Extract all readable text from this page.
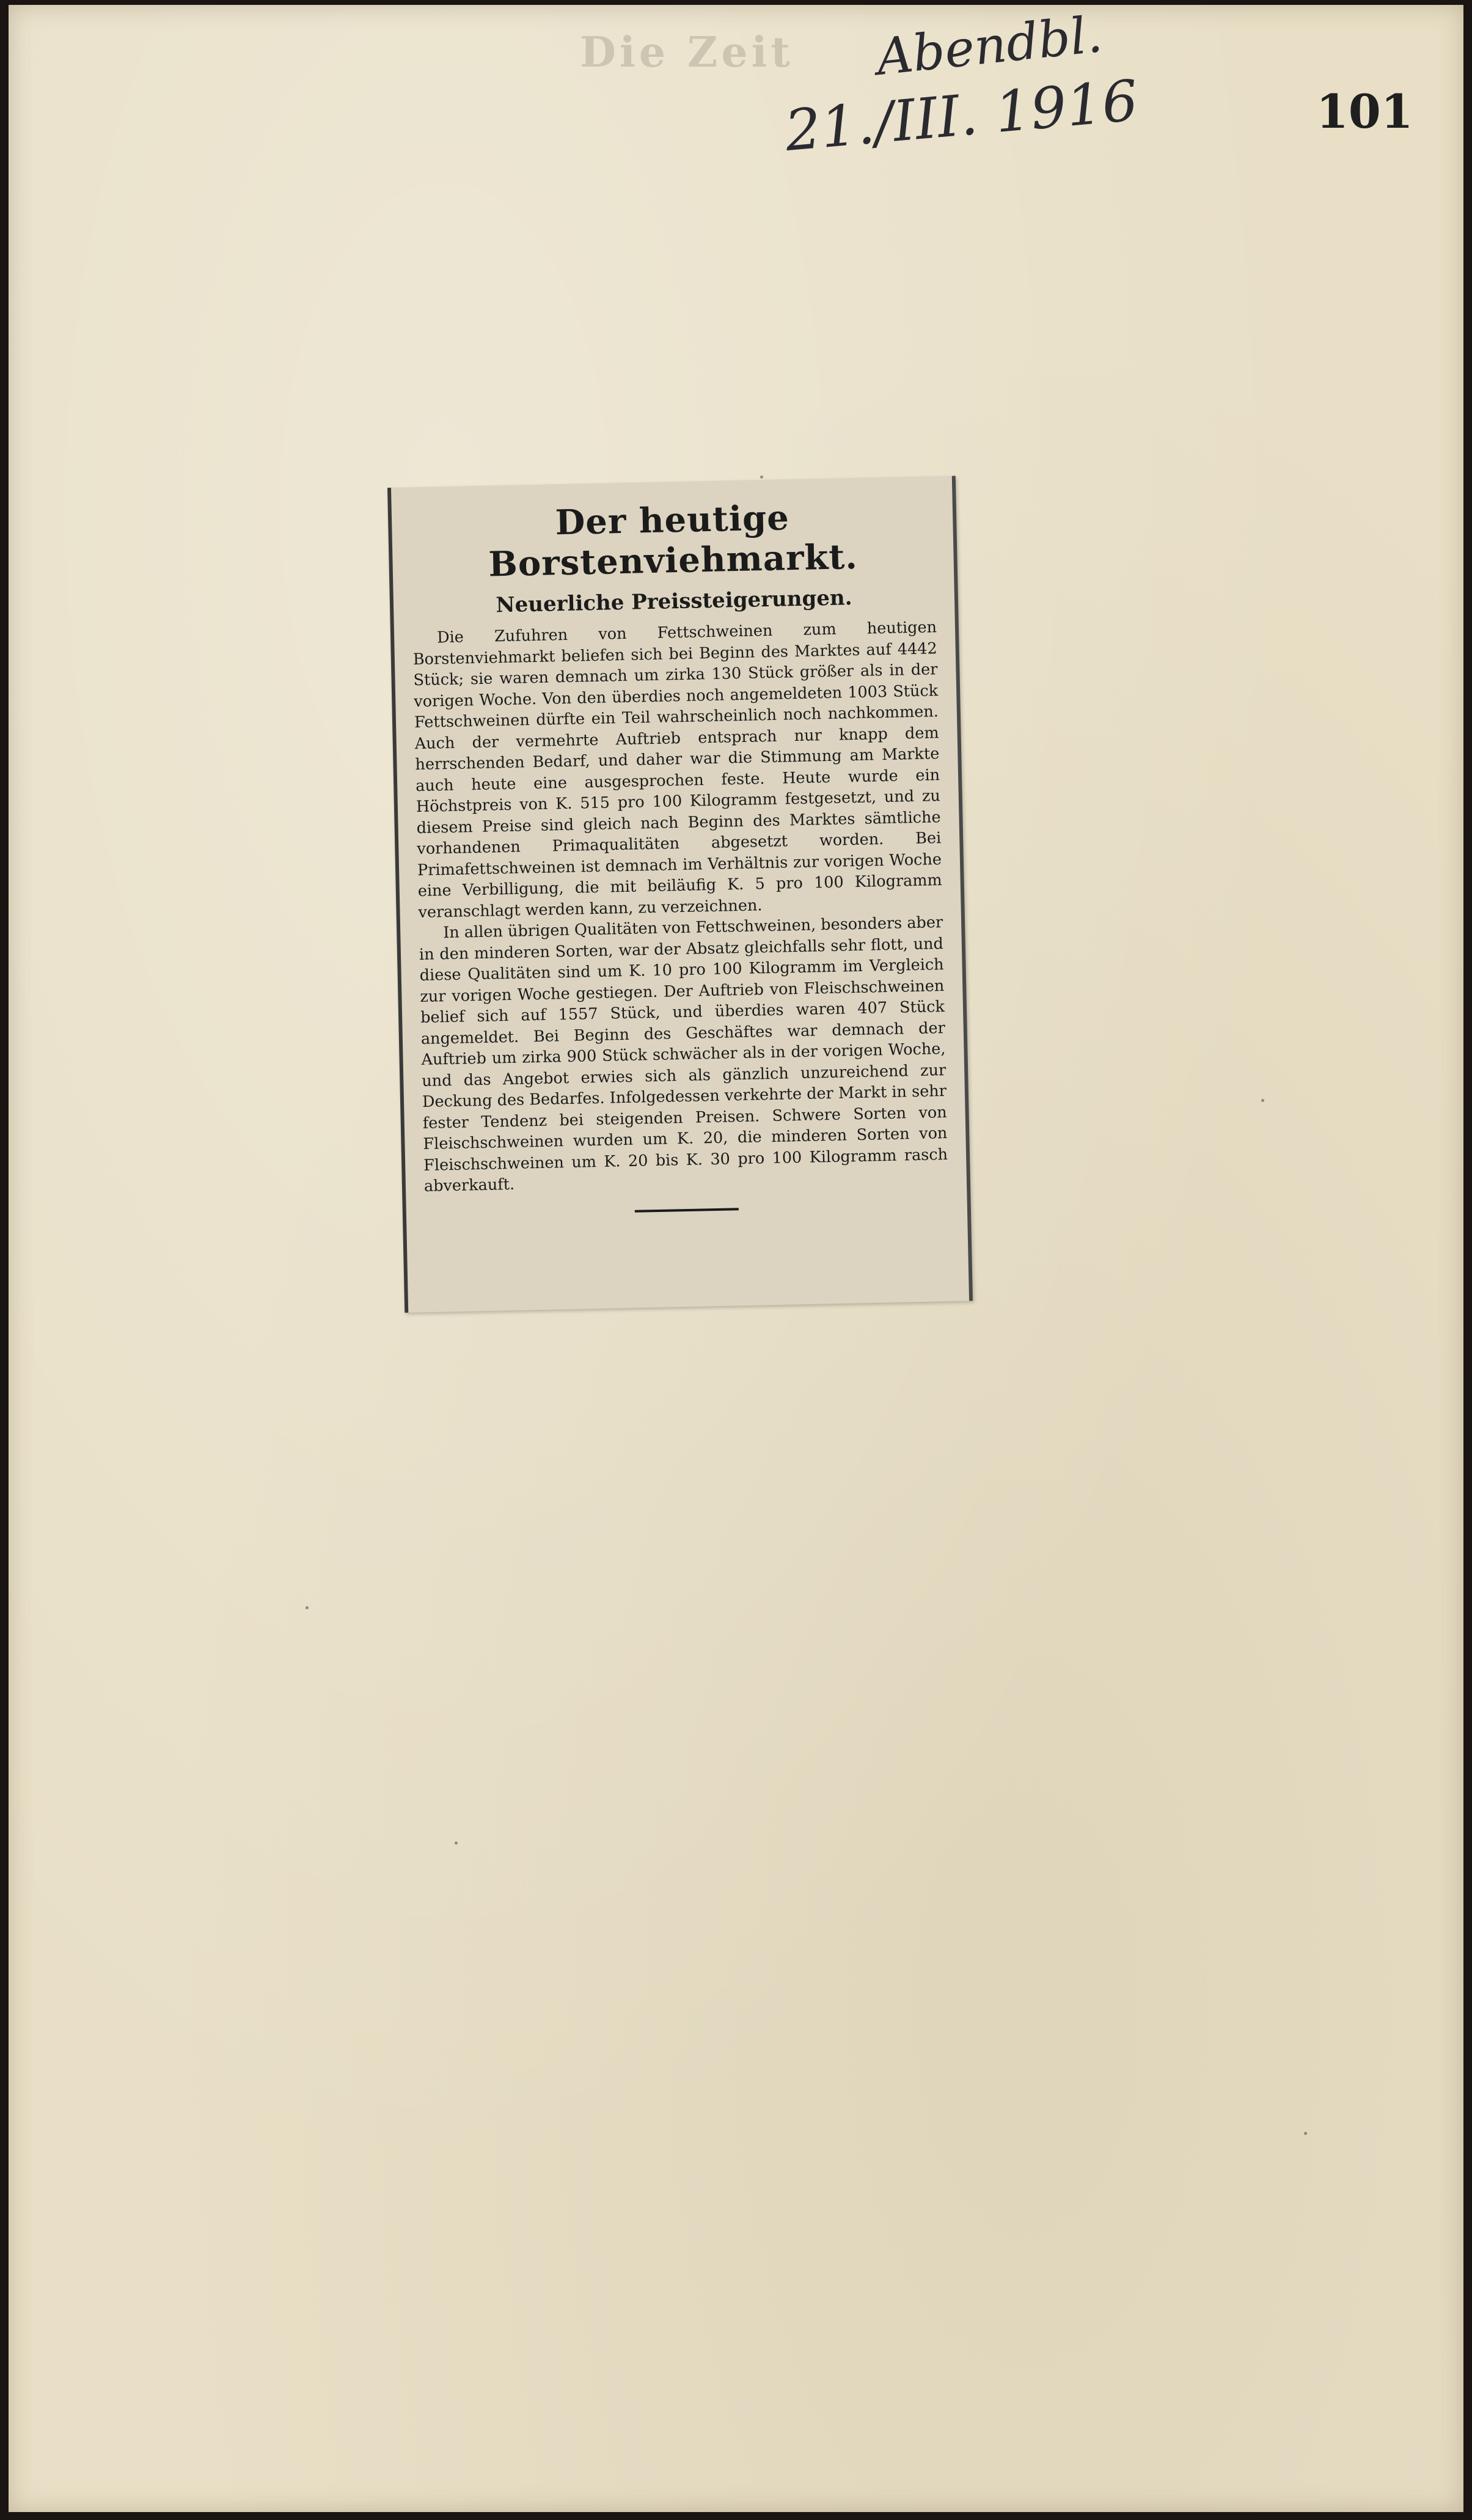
Die Zeit Abendbl.
21./III. 1916	101
Der heutige Borstenviehmarkt.
Neuerliche Preissteigerungen.

Die Zufuhren von Fettschweinen zum heutigen Borstenviehmarkt beliefen sich bei Beginn des Marktes auf 4442 Stück; sie waren demnach um zirka 130 Stück größer als in der vorigen Woche. Von den überdies noch angemeldeten 1003 Stück Fettschweinen dürfte ein Teil wahrscheinlich noch nachkommen. Auch der vermehrte Auftrieb entsprach nur knapp dem herrschenden Bedarf, und daher war die Stimmung am Markte auch heute eine ausgesprochen feste. Heute wurde ein Höchstpreis von K. 515 pro 100 Kilogramm festgesetzt, und zu diesem Preise sind gleich nach Beginn des Marktes sämtliche vorhandenen Primaqualitäten abgesetzt worden. Bei Primafettschweinen ist demnach im Verhältnis zur vorigen Woche eine Verbilligung, die mit beiläufig K. 5 pro 100 Kilogramm veranschlagt werden kann, zu verzeichnen.

In allen übrigen Qualitäten von Fettschweinen, besonders aber in den minderen Sorten, war der Absatz gleichfalls sehr flott, und diese Qualitäten sind um K. 10 pro 100 Kilogramm im Vergleich zur vorigen Woche gestiegen. Der Auftrieb von Fleischschweinen belief sich auf 1557 Stück, und überdies waren 407 Stück angemeldet. Bei Beginn des Geschäftes war demnach der Auftrieb um zirka 900 Stück schwächer als in der vorigen Woche, und das Angebot erwies sich als gänzlich unzureichend zur Deckung des Bedarfes. Infolgedessen verkehrte der Markt in sehr fester Tendenz bei steigenden Preisen. Schwere Sorten von Fleischschweinen wurden um K. 20, die minderen Sorten von Fleischschweinen um K. 20 bis K. 30 pro 100 Kilogramm rasch abverkauft.
